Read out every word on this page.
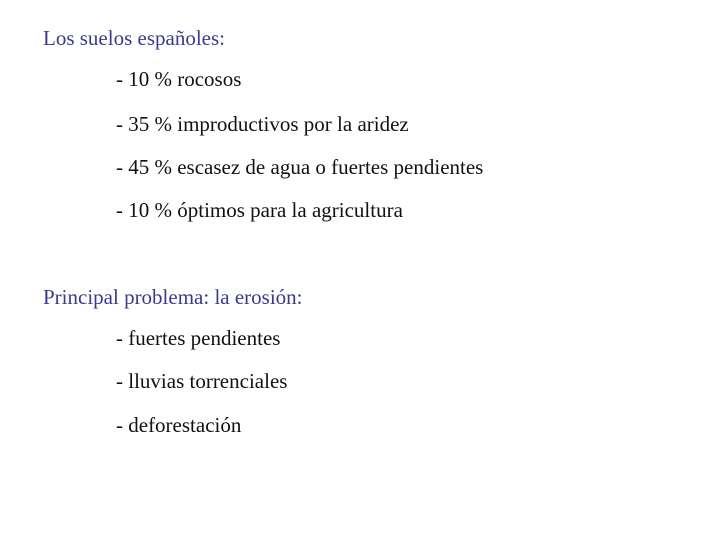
Los suelos españoles:
- 10 % rocosos
- 35 % improductivos por la aridez
- 45 % escasez de agua o fuertes pendientes
- 10 % óptimos para la agricultura
Principal problema: la erosión:
- fuertes pendientes
- lluvias torrenciales
- deforestación
